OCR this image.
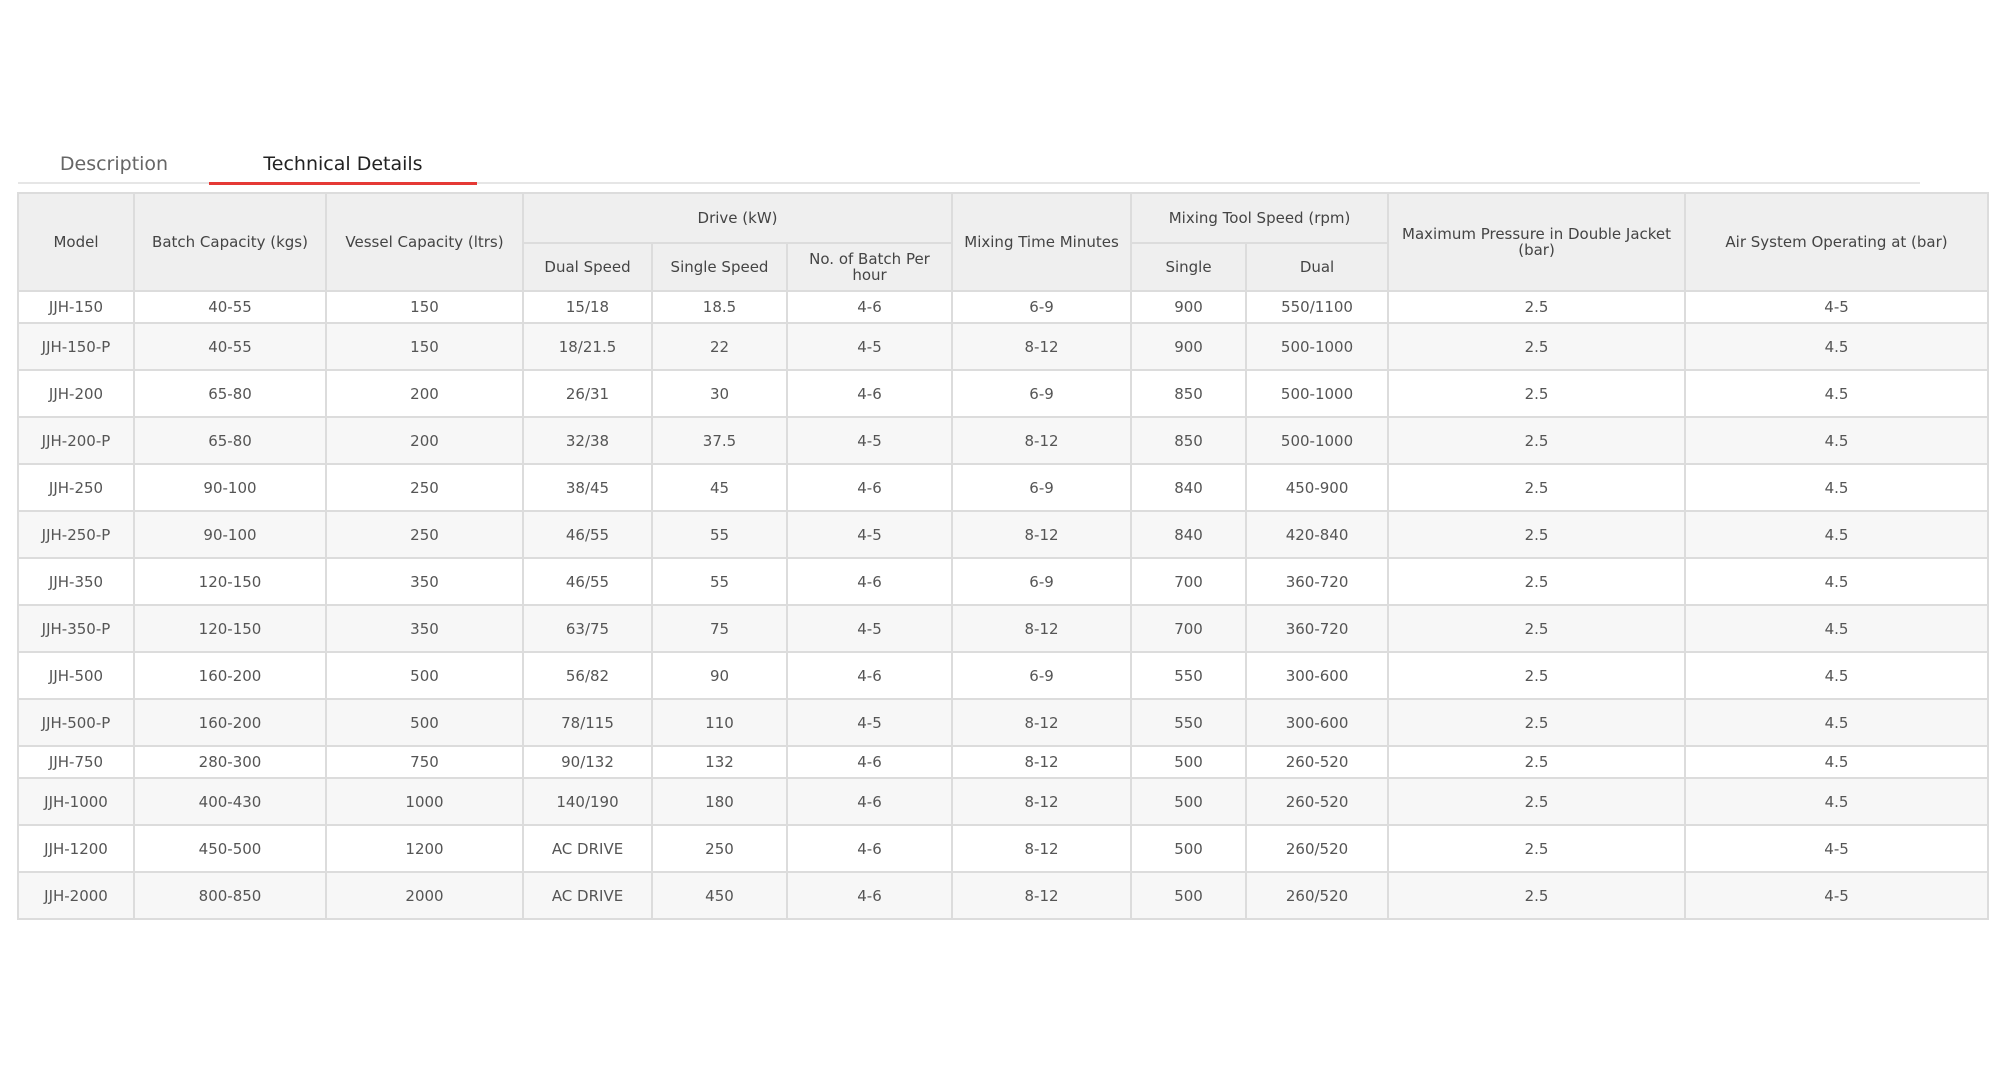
Description	Technical Details
Model	Batch Capacity (kgs)	Vessel Capacity (ltrs)	Drive (kW)			Mixing Time Minutes	Mixing Tool Speed (rpm)		Maximum Pressure in Double Jacket (bar)	Air System Operating at (bar)
			Dual Speed	Single Speed	No. of Batch Per hour		Single	Dual		
JJH-150	40-55	150	15/18	18.5	4-6	6-9	900	550/1100	2.5	4-5
JJH-150-P	40-55	150	18/21.5	22	4-5	8-12	900	500-1000	2.5	4.5
JJH-200	65-80	200	26/31	30	4-6	6-9	850	500-1000	2.5	4.5
JJH-200-P	65-80	200	32/38	37.5	4-5	8-12	850	500-1000	2.5	4.5
JJH-250	90-100	250	38/45	45	4-6	6-9	840	450-900	2.5	4.5
JJH-250-P	90-100	250	46/55	55	4-5	8-12	840	420-840	2.5	4.5
JJH-350	120-150	350	46/55	55	4-6	6-9	700	360-720	2.5	4.5
JJH-350-P	120-150	350	63/75	75	4-5	8-12	700	360-720	2.5	4.5
JJH-500	160-200	500	56/82	90	4-6	6-9	550	300-600	2.5	4.5
JJH-500-P	160-200	500	78/115	110	4-5	8-12	550	300-600	2.5	4.5
JJH-750	280-300	750	90/132	132	4-6	8-12	500	260-520	2.5	4.5
JJH-1000	400-430	1000	140/190	180	4-6	8-12	500	260-520	2.5	4.5
JJH-1200	450-500	1200	AC DRIVE	250	4-6	8-12	500	260/520	2.5	4-5
JJH-2000	800-850	2000	AC DRIVE	450	4-6	8-12	500	260/520	2.5	4-5
